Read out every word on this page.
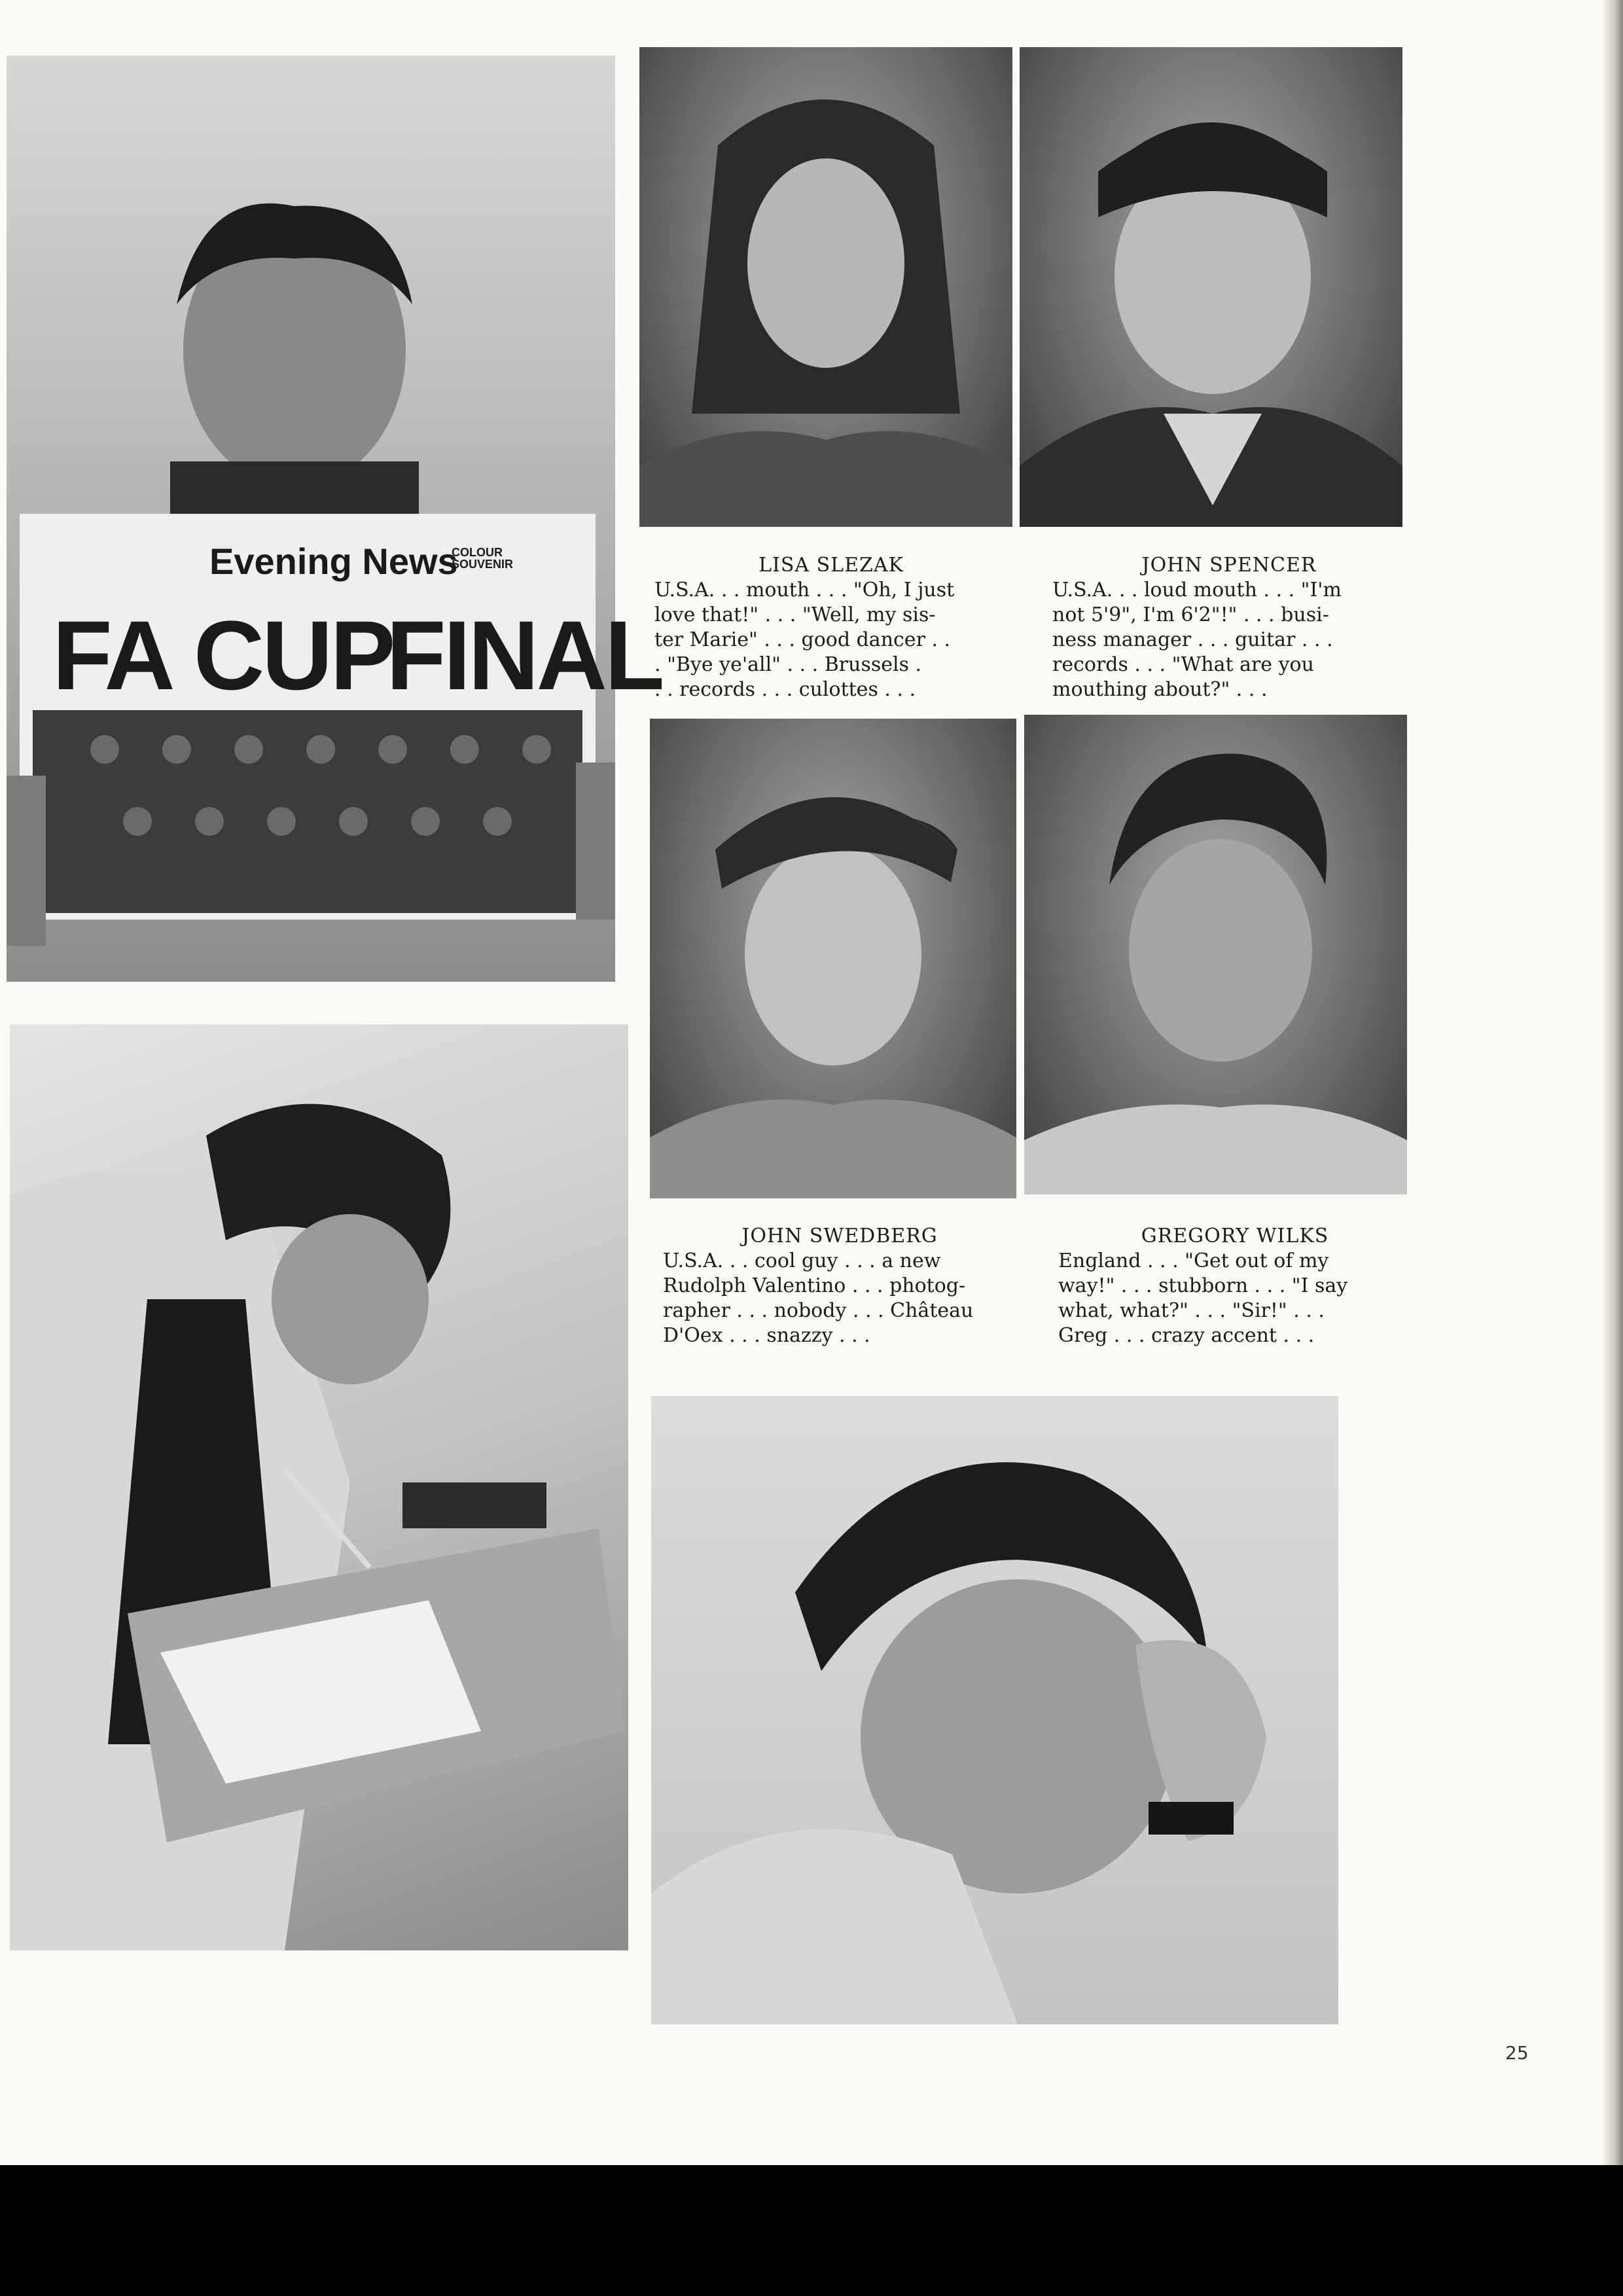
Evening News
COLOUR SOUVENIR
FA CUP
FINAL
LISA SLEZAK
U.S.A. . . mouth . . . "Oh, I just
love that!" . . . "Well, my sis-
ter Marie" . . . good dancer . .
. "Bye ye'all" . . . Brussels .
. . records . . . culottes . . .
JOHN SPENCER
U.S.A. . . loud mouth . . . "I'm
not 5'9", I'm 6'2"!" . . . busi-
ness manager . . . guitar . . .
records . . . "What are you
mouthing about?" . . .
JOHN SWEDBERG
U.S.A. . . cool guy . . . a new
Rudolph Valentino . . . photog-
rapher . . . nobody . . . Château
D'Oex . . . snazzy . . .
GREGORY WILKS
England . . . "Get out of my
way!" . . . stubborn . . . "I say
what, what?" . . . "Sir!" . . .
Greg . . . crazy accent . . .
25
